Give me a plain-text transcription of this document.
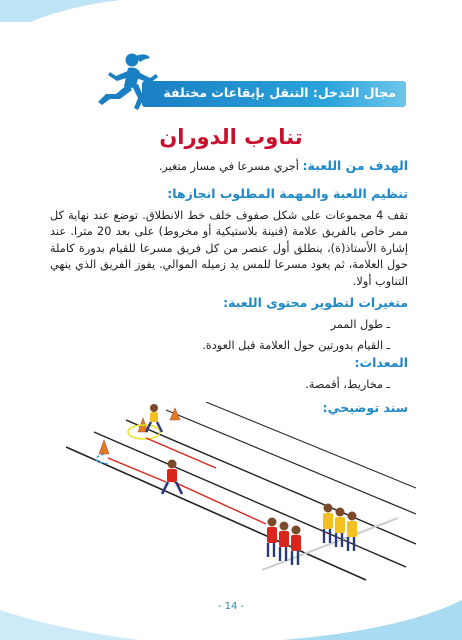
مجال التدخل: التنقل بإيقاعات مختلفة
تناوب الدوران
الهدف من اللعبة: أجري مسرعا في مسار متغير.
تنظيم اللعبة والمهمة المطلوب انجازها:
تقف 4 مجموعات على شكل صفوف خلف خط الانطلاق. توضع عند نهاية كل ممر خاص بالفريق علامة (قنينة بلاستيكية أو مخروط) على بعد 20 مترا. عند إشارة الأستاذ(ة)، ينطلق أول عنصر من كل فريق مسرعا للقيام بدورة كاملة حول العلامة، ثم يعود مسرعا للمس يد زميله الموالي. يفوز الفريق الذي ينهي التناوب أولا.
متغيرات لتطوير محتوى اللعبة:
ـ طول الممر
ـ القيام بدورتين حول العلامة قبل العودة.
المعدات:
ـ مخاريط، أقمصة.
سند توضيحي:
- 14 -
